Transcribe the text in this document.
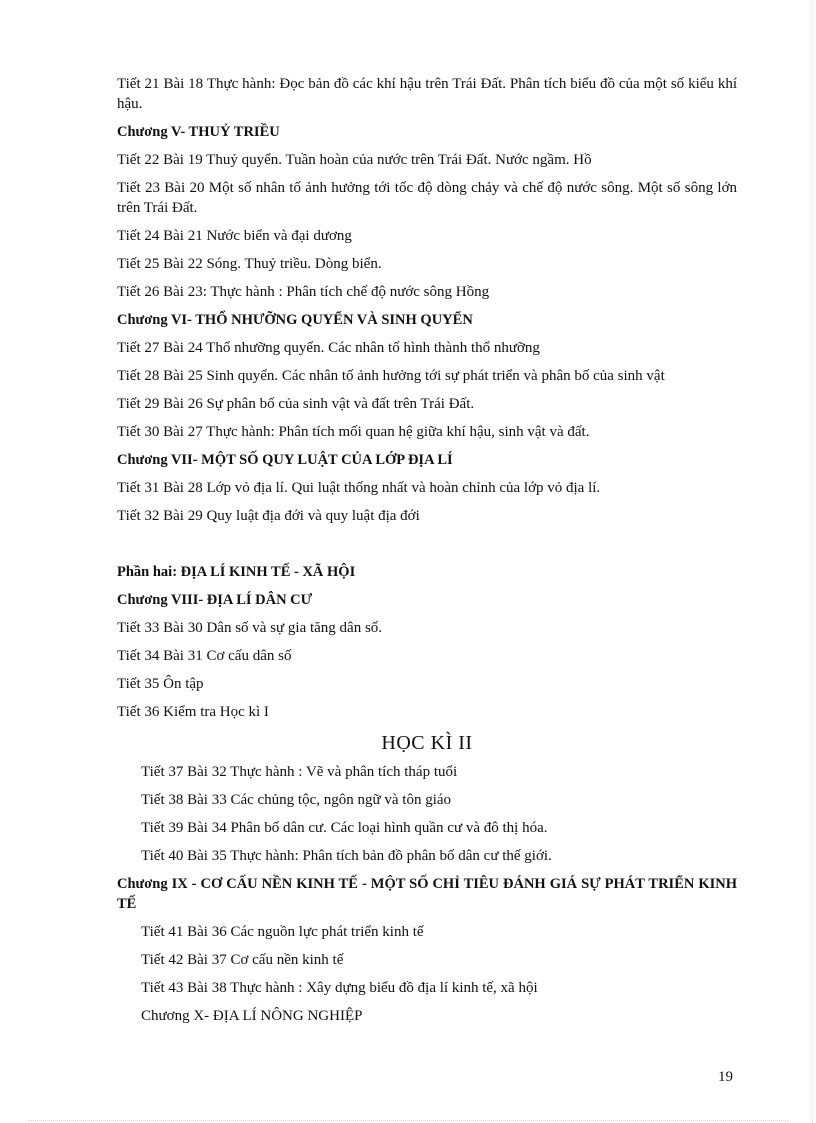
Tiết 21 Bài 18 Thực hành: Đọc bản đồ các khí hậu trên Trái Đất. Phân tích biểu đồ của một số kiểu khí hậu.

Chương V- THUỶ TRIỀU

Tiết 22 Bài 19 Thuỷ quyển. Tuần hoàn của nước trên Trái Đất. Nước ngầm. Hồ

Tiết 23 Bài 20 Một số nhân tố ảnh hưởng tới tốc độ dòng chảy và chế độ nước sông. Một số sông lớn trên Trái Đất.

Tiết 24 Bài 21 Nước biển và đại dương

Tiết 25 Bài 22 Sóng. Thuỷ triều. Dòng biển.

Tiết 26 Bài 23: Thực hành : Phân tích chế độ nước sông Hồng

Chương VI- THỔ NHƯỠNG QUYỂN VÀ SINH QUYỂN

Tiết 27 Bài 24 Thổ nhưỡng quyển. Các nhân tố hình thành thổ nhưỡng

Tiết 28 Bài 25 Sinh quyển. Các nhân tố ảnh hưởng tới sự phát triển và phân bố của sinh vật

Tiết 29 Bài 26 Sự phân bố của sinh vật và đất trên Trái Đất.

Tiết 30 Bài 27 Thực hành: Phân tích mối quan hệ giữa khí hậu, sinh vật và đất.

Chương VII- MỘT SỐ QUY LUẬT CỦA LỚP ĐỊA LÍ

Tiết 31 Bài 28 Lớp vỏ địa lí. Qui luật thống nhất và hoàn chỉnh của lớp vỏ địa lí.

Tiết 32 Bài 29 Quy luật địa đới và quy luật địa đới

Phần hai: ĐỊA LÍ KINH TẾ - XÃ HỘI

Chương VIII- ĐỊA LÍ DÂN CƯ

Tiết 33 Bài 30 Dân số và sự gia tăng dân số.

Tiết 34 Bài 31 Cơ cấu dân số

Tiết 35 Ôn tập

Tiết 36 Kiểm tra Học kì I

HỌC KÌ II

Tiết 37 Bài 32 Thực hành : Vẽ và phân tích tháp tuổi

Tiết 38 Bài 33 Các chủng tộc, ngôn ngữ và tôn giáo

Tiết 39 Bài 34 Phân bố dân cư. Các loại hình quần cư và đô thị hóa.

Tiết 40 Bài 35 Thực hành: Phân tích bản đồ phân bố dân cư thế giới.

Chương IX - CƠ CẤU NỀN KINH TẾ - MỘT SỐ CHỈ TIÊU ĐÁNH GIÁ SỰ PHÁT TRIỂN KINH TẾ

Tiết 41 Bài 36 Các nguồn lực phát triển kinh tế

Tiết 42 Bài 37 Cơ cấu nền kinh tế

Tiết 43 Bài 38 Thực hành : Xây dựng biểu đồ địa lí kinh tế, xã hội

Chương X- ĐỊA LÍ NÔNG NGHIỆP

19
